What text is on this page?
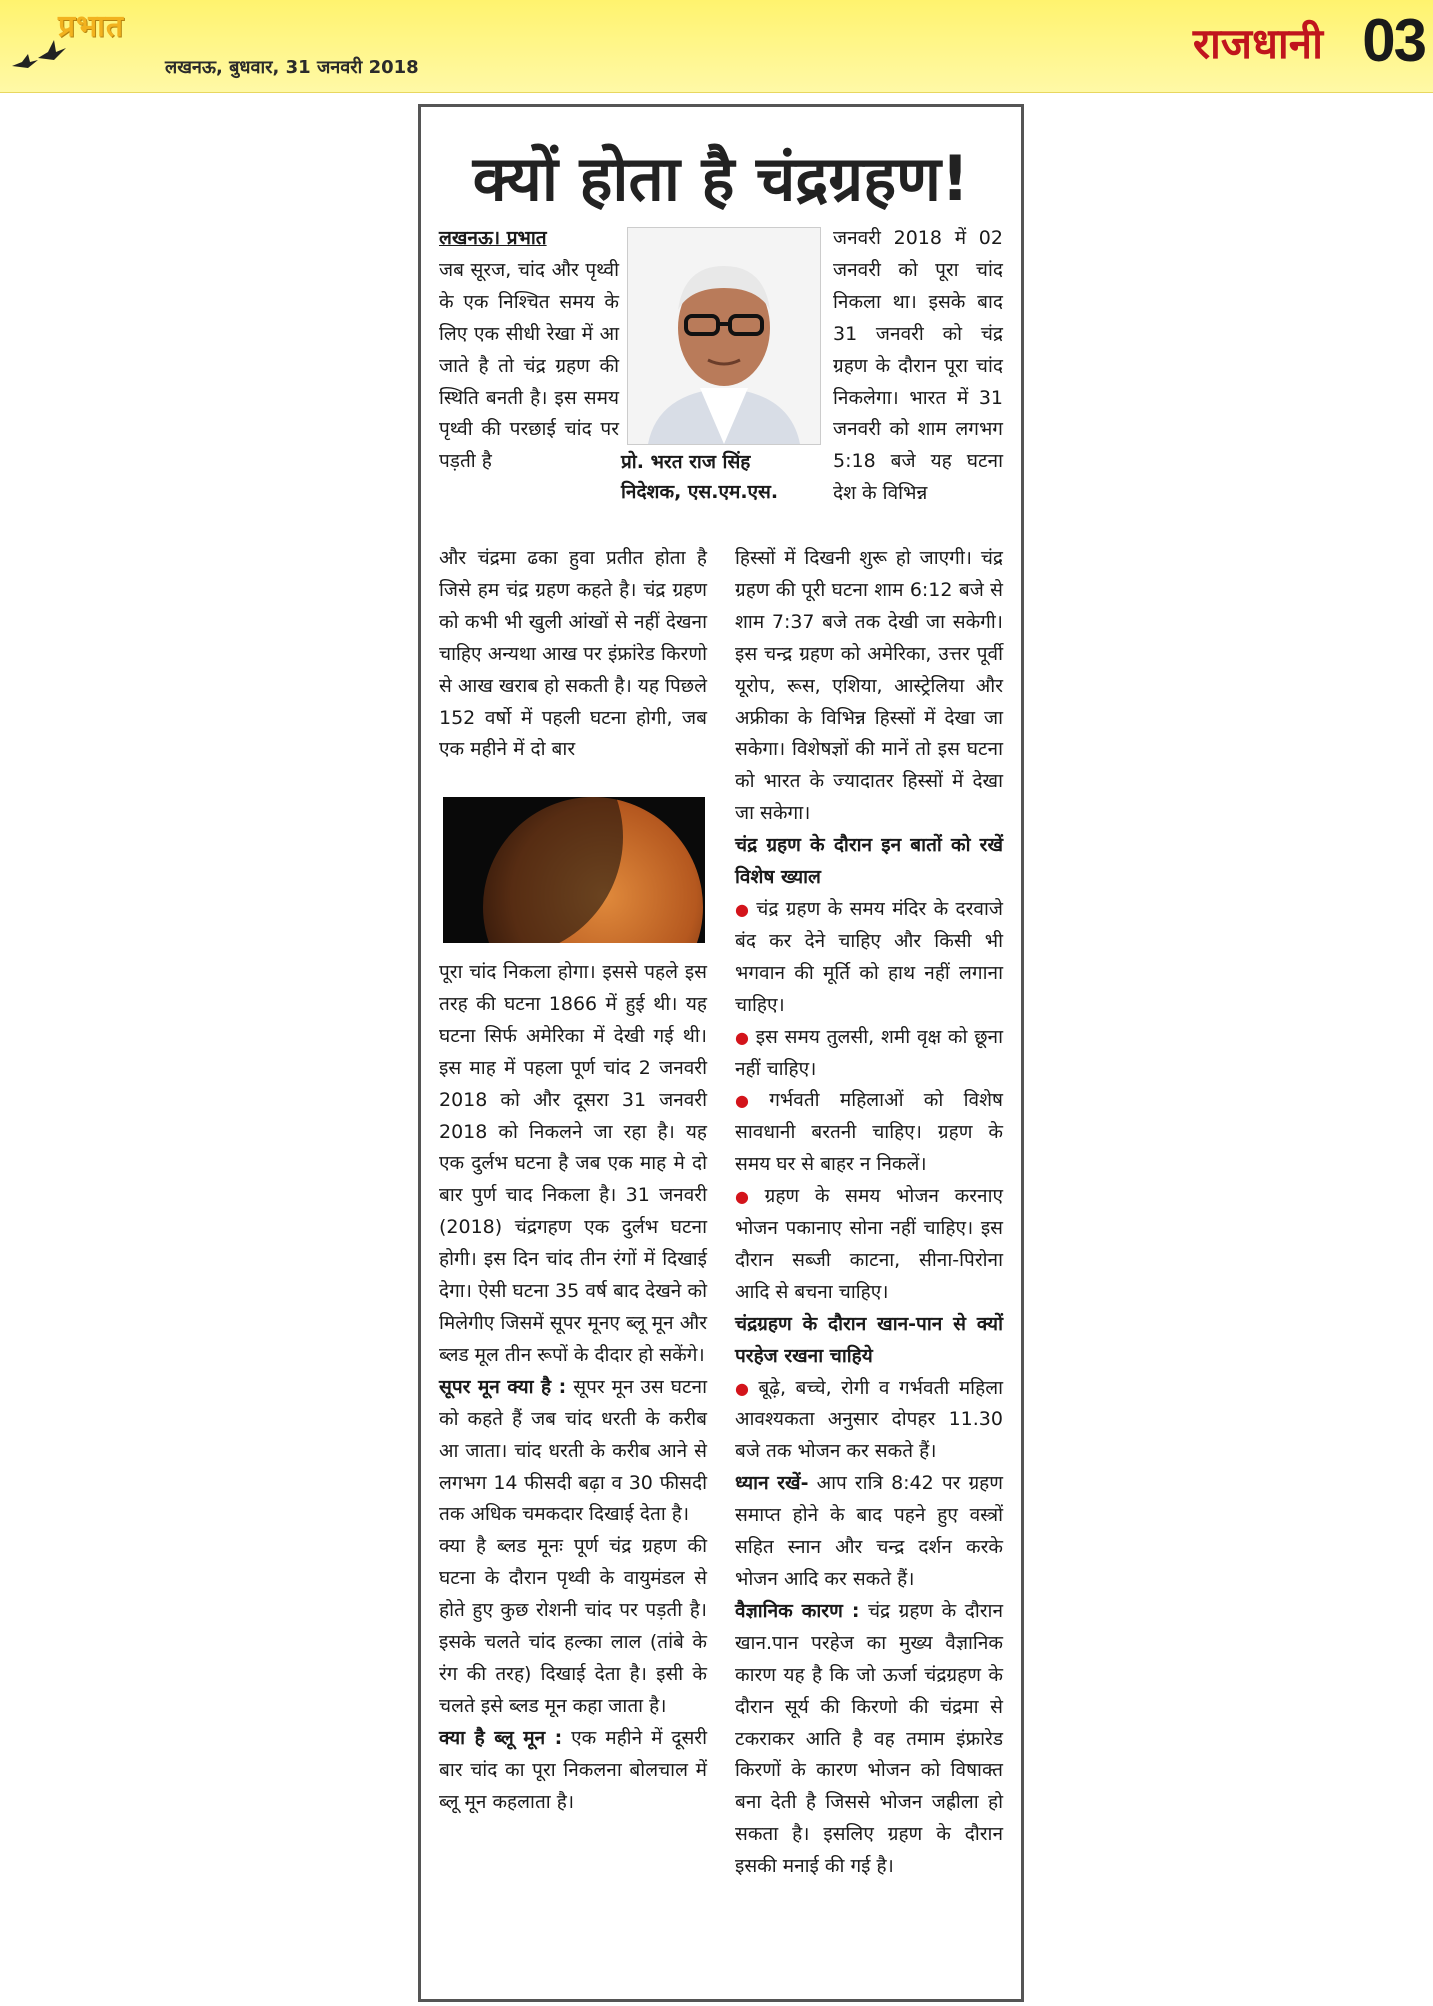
प्रभात
लखनऊ, बुधवार, 31 जनवरी 2018	राजधानी 03
क्यों होता है चंद्रग्रहण!
लखनऊ। प्रभात

जब सूरज, चांद और पृथ्वी के एक निश्चित समय के लिए एक सीधी रेखा में आ जाते है तो चंद्र ग्रहण की स्थिति बनती है। इस समय पृथ्वी की परछाई चांद पर पड़ती है	प्रो. भरत राज सिंह
निदेशक, एस.एम.एस.

जनवरी 2018 में 02 जनवरी को पूरा चांद निकला था। इसके बाद 31 जनवरी को चंद्र ग्रहण के दौरान पूरा चांद निकलेगा। भारत में 31 जनवरी को शाम लगभग 5:18 बजे यह घटना देश के विभिन्न

और चंद्रमा ढका हुवा प्रतीत होता है जिसे हम चंद्र ग्रहण कहते है। चंद्र ग्रहण को कभी भी खुली आंखों से नहीं देखना चाहिए अन्यथा आख पर इंफ्रांरेड किरणो से आख खराब हो सकती है। यह पिछले 152 वर्षो में पहली घटना होगी, जब एक महीने में दो बार

पूरा चांद निकला होगा। इससे पहले इस तरह की घटना 1866 में हुई थी। यह घटना सिर्फ अमेरिका में देखी गई थी। इस माह में पहला पूर्ण चांद 2 जनवरी 2018 को और दूसरा 31 जनवरी 2018 को निकलने जा रहा है। यह एक दुर्लभ घटना है जब एक माह मे दो बार पुर्ण चाद निकला है। 31 जनवरी (2018) चंद्रगहण एक दुर्लभ घटना होगी। इस दिन चांद तीन रंगों में दिखाई देगा। ऐसी घटना 35 वर्ष बाद देखने को मिलेगीए जिसमें सूपर मूनए ब्लू मून और ब्लड मूल तीन रूपों के दीदार हो सकेंगे।

सूपर मून क्या है : सूपर मून उस घटना को कहते हैं जब चांद धरती के करीब आ जाता। चांद धरती के करीब आने से लगभग 14 फीसदी बढ़ा व 30 फीसदी तक अधिक चमकदार दिखाई देता है।

क्या है ब्लड मूनः पूर्ण चंद्र ग्रहण की घटना के दौरान पृथ्वी के वायुमंडल से होते हुए कुछ रोशनी चांद पर पड़ती है। इसके चलते चांद हल्का लाल (तांबे के रंग की तरह) दिखाई देता है। इसी के चलते इसे ब्लड मून कहा जाता है।

क्या है ब्लू मून : एक महीने में दूसरी बार चांद का पूरा निकलना बोलचाल में ब्लू मून कहलाता है।

हिस्सों में दिखनी शुरू हो जाएगी। चंद्र ग्रहण की पूरी घटना शाम 6:12 बजे से शाम 7:37 बजे तक देखी जा सकेगी। इस चन्द्र ग्रहण को अमेरिका, उत्तर पूर्वी यूरोप, रूस, एशिया, आस्ट्रेलिया और अफ्रीका के विभिन्न हिस्सों में देखा जा सकेगा। विशेषज्ञों की मानें तो इस घटना को भारत के ज्यादातर हिस्सों में देखा जा सकेगा।

चंद्र ग्रहण के दौरान इन बातों को रखें विशेष ख्याल

● चंद्र ग्रहण के समय मंदिर के दरवाजे बंद कर देने चाहिए और किसी भी भगवान की मूर्ति को हाथ नहीं लगाना चाहिए।

● इस समय तुलसी, शमी वृक्ष को छूना नहीं चाहिए।

● गर्भवती महिलाओं को विशेष सावधानी बरतनी चाहिए। ग्रहण के समय घर से बाहर न निकलें।

● ग्रहण के समय भोजन करनाए भोजन पकानाए सोना नहीं चाहिए। इस दौरान सब्जी काटना, सीना-पिरोना आदि से बचना चाहिए।

चंद्रग्रहण के दौरान खान-पान से क्यों परहेज रखना चाहिये

● बूढ़े, बच्चे, रोगी व गर्भवती महिला आवश्यकता अनुसार दोपहर 11.30 बजे तक भोजन कर सकते हैं।

ध्यान रखें- आप रात्रि 8:42 पर ग्रहण समाप्त होने के बाद पहने हुए वस्त्रों सहित स्नान और चन्द्र दर्शन करके भोजन आदि कर सकते हैं।

वैज्ञानिक कारण : चंद्र ग्रहण के दौरान खान.पान परहेज का मुख्य वैज्ञानिक कारण यह है कि जो ऊर्जा चंद्रग्रहण के दौरान सूर्य की किरणो की चंद्रमा से टकराकर आति है वह तमाम इंफ्रारेड किरणों के कारण भोजन को विषाक्त बना देती है जिससे भोजन जह्रीला हो सकता है। इसलिए ग्रहण के दौरान इसकी मनाई की गई है।
